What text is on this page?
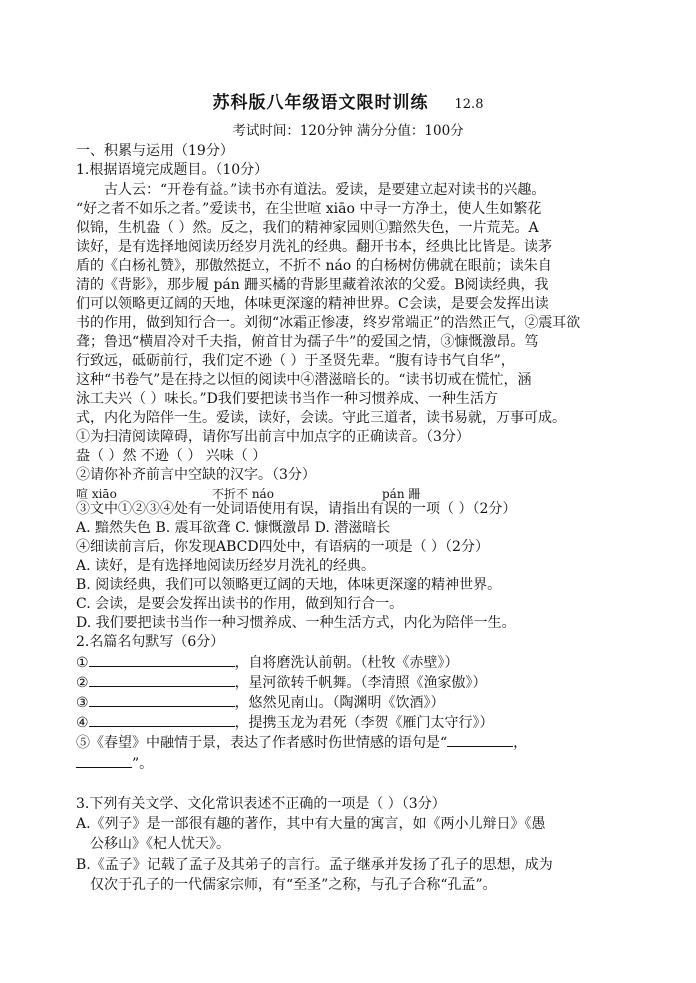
苏科版八年级语文限时训练 12.8
考试时间：120分钟 满分分值：100分
一、积累与运用（19分）
1.根据语境完成题目。（10分）
古人云：“开卷有益。”读书亦有道法。爱读，是要建立起对读书的兴趣。
“好之者不如乐之者。”爱读书，在尘世喧 xiāo 中寻一方净土，使人生如繁花
似锦，生机盎（ ）然。反之，我们的精神家园则①黯然失色，一片荒芜。A
读好，是有选择地阅读历经岁月洗礼的经典。翻开书本，经典比比皆是。读茅
盾的《白杨礼赞》，那傲然挺立，不折不 náo 的白杨树仿佛就在眼前；读朱自
清的《背影》，那步履 pán 跚买橘的背影里藏着浓浓的父爱。B阅读经典，我
们可以领略更辽阔的天地，体味更深邃的精神世界。C会读，是要会发挥出读
书的作用，做到知行合一。刘彻“冰霜正惨凄，终岁常端正”的浩然正气，②震耳欲
聋；鲁迅“横眉冷对千夫指，俯首甘为孺子牛”的爱国之情，③慷慨激昂。笃
行致远，砥砺前行，我们定不逊（ ）于圣贤先辈。“腹有诗书气自华”，
这种“书卷气”是在持之以恒的阅读中④潜滋暗长的。“读书切戒在慌忙，涵
泳工夫兴（ ）味长。”D我们要把读书当作一种习惯养成、一种生活方
式，内化为陪伴一生。爱读，读好，会读。守此三道者，读书易就，万事可成。
①为扫清阅读障碍，请你写出前言中加点字的正确读音。（3分）
盎（ ）然 不逊（ ） 兴味（ ）
②请你补齐前言中空缺的汉字。（3分）
喧 xiāo	不折不 náo	pán 跚
③文中①②③④处有一处词语使用有误，请指出有误的一项（ ）（2分）
A. 黯然失色 B. 震耳欲聋 C. 慷慨激昂 D. 潜滋暗长
④细读前言后，你发现ABCD四处中，有语病的一项是（ ）（2分）
A. 读好，是有选择地阅读历经岁月洗礼的经典。
B. 阅读经典，我们可以领略更辽阔的天地，体味更深邃的精神世界。
C. 会读，是要会发挥出读书的作用，做到知行合一。
D. 我们要把读书当作一种习惯养成、一种生活方式，内化为陪伴一生。
2.名篇名句默写（6分）
①	，自将磨洗认前朝。（杜牧《赤壁》）
②	，星河欲转千帆舞。（李清照《渔家傲》）
③	，悠然见南山。（陶渊明《饮酒》）
④	，提携玉龙为君死（李贺《雁门太守行》）
⑤《春望》中融情于景，表达了作者感时伤世情感的语句是“	，
”。
3.下列有关文学、文化常识表述不正确的一项是（ ）（3分）
A.《列子》是一部很有趣的著作，其中有大量的寓言，如《两小儿辩日》《愚
公移山》《杞人忧天》。
B.《孟子》记载了孟子及其弟子的言行。孟子继承并发扬了孔子的思想，成为
仅次于孔子的一代儒家宗师，有“至圣”之称，与孔子合称“孔孟”。
